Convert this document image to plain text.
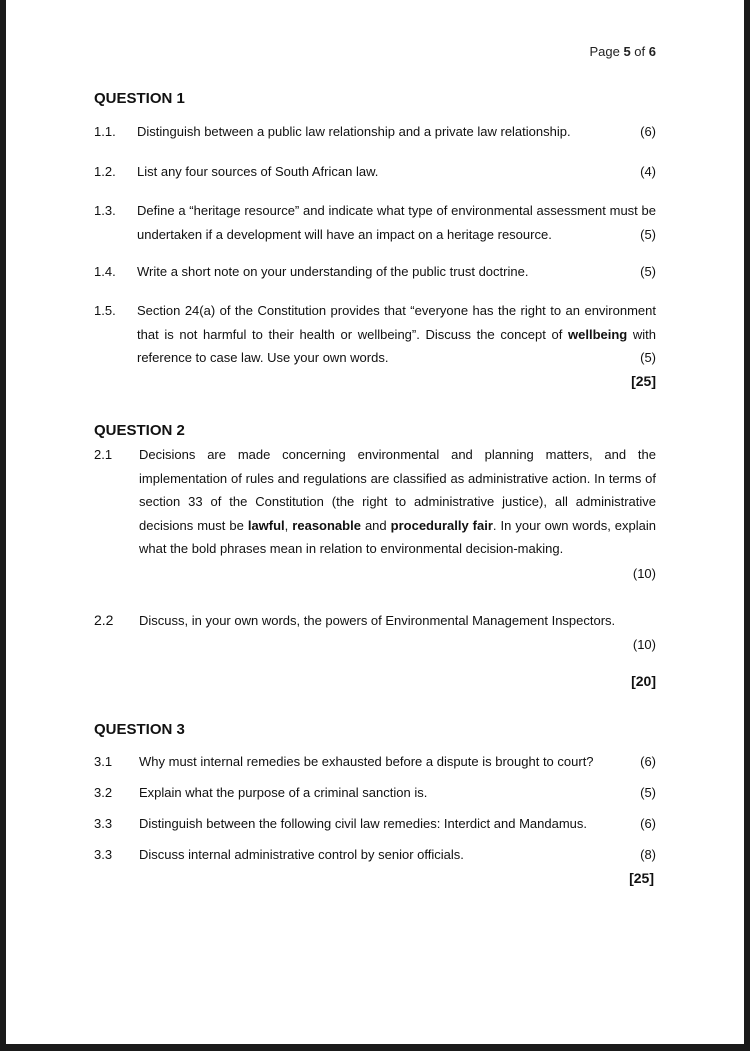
Page 5 of 6
QUESTION 1
1.1.	Distinguish between a public law relationship and a private law relationship.	(6)
1.2.	List any four sources of South African law.	(4)
1.3.	Define a “heritage resource” and indicate what type of environmental assessment must be undertaken if a development will have an impact on a heritage resource.	(5)
1.4.	Write a short note on your understanding of the public trust doctrine.	(5)
1.5.	Section 24(a) of the Constitution provides that “everyone has the right to an environment that is not harmful to their health or wellbeing”. Discuss the concept of wellbeing with reference to case law. Use your own words.	(5)
[25]
QUESTION 2
2.1	Decisions are made concerning environmental and planning matters, and the implementation of rules and regulations are classified as administrative action. In terms of section 33 of the Constitution (the right to administrative justice), all administrative decisions must be lawful, reasonable and procedurally fair. In your own words, explain what the bold phrases mean in relation to environmental decision-making.
(10)
2.2	Discuss, in your own words, the powers of Environmental Management Inspectors.
(10)
[20]
QUESTION 3
3.1	Why must internal remedies be exhausted before a dispute is brought to court?	(6)
3.2	Explain what the purpose of a criminal sanction is.	(5)
3.3	Distinguish between the following civil law remedies: Interdict and Mandamus.	(6)
3.3	Discuss internal administrative control by senior officials.	(8)
[25]
